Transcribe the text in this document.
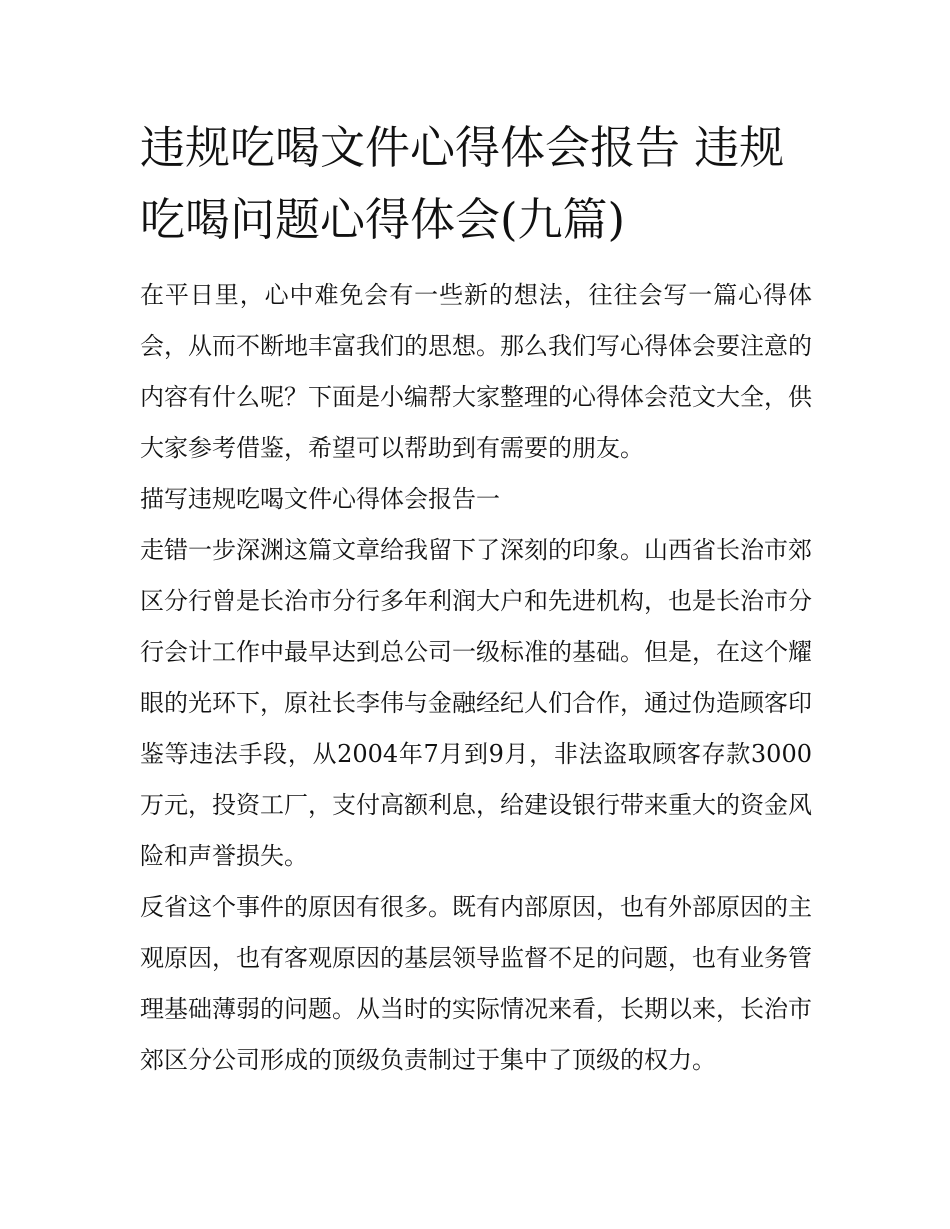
违规吃喝文件心得体会报告 违规吃喝问题心得体会(九篇)

在平日里，心中难免会有一些新的想法，往往会写一篇心得体会，从而不断地丰富我们的思想。那么我们写心得体会要注意的内容有什么呢？下面是小编帮大家整理的心得体会范文大全，供大家参考借鉴，希望可以帮助到有需要的朋友。

描写违规吃喝文件心得体会报告一

走错一步深渊这篇文章给我留下了深刻的印象。山西省长治市郊区分行曾是长治市分行多年利润大户和先进机构，也是长治市分行会计工作中最早达到总公司一级标准的基础。但是，在这个耀眼的光环下，原社长李伟与金融经纪人们合作，通过伪造顾客印鉴等违法手段，从2004年7月到9月，非法盗取顾客存款3000万元，投资工厂，支付高额利息，给建设银行带来重大的资金风险和声誉损失。

反省这个事件的原因有很多。既有内部原因，也有外部原因的主观原因，也有客观原因的基层领导监督不足的问题，也有业务管理基础薄弱的问题。从当时的实际情况来看，长期以来，长治市郊区分公司形成的顶级负责制过于集中了顶级的权力。
